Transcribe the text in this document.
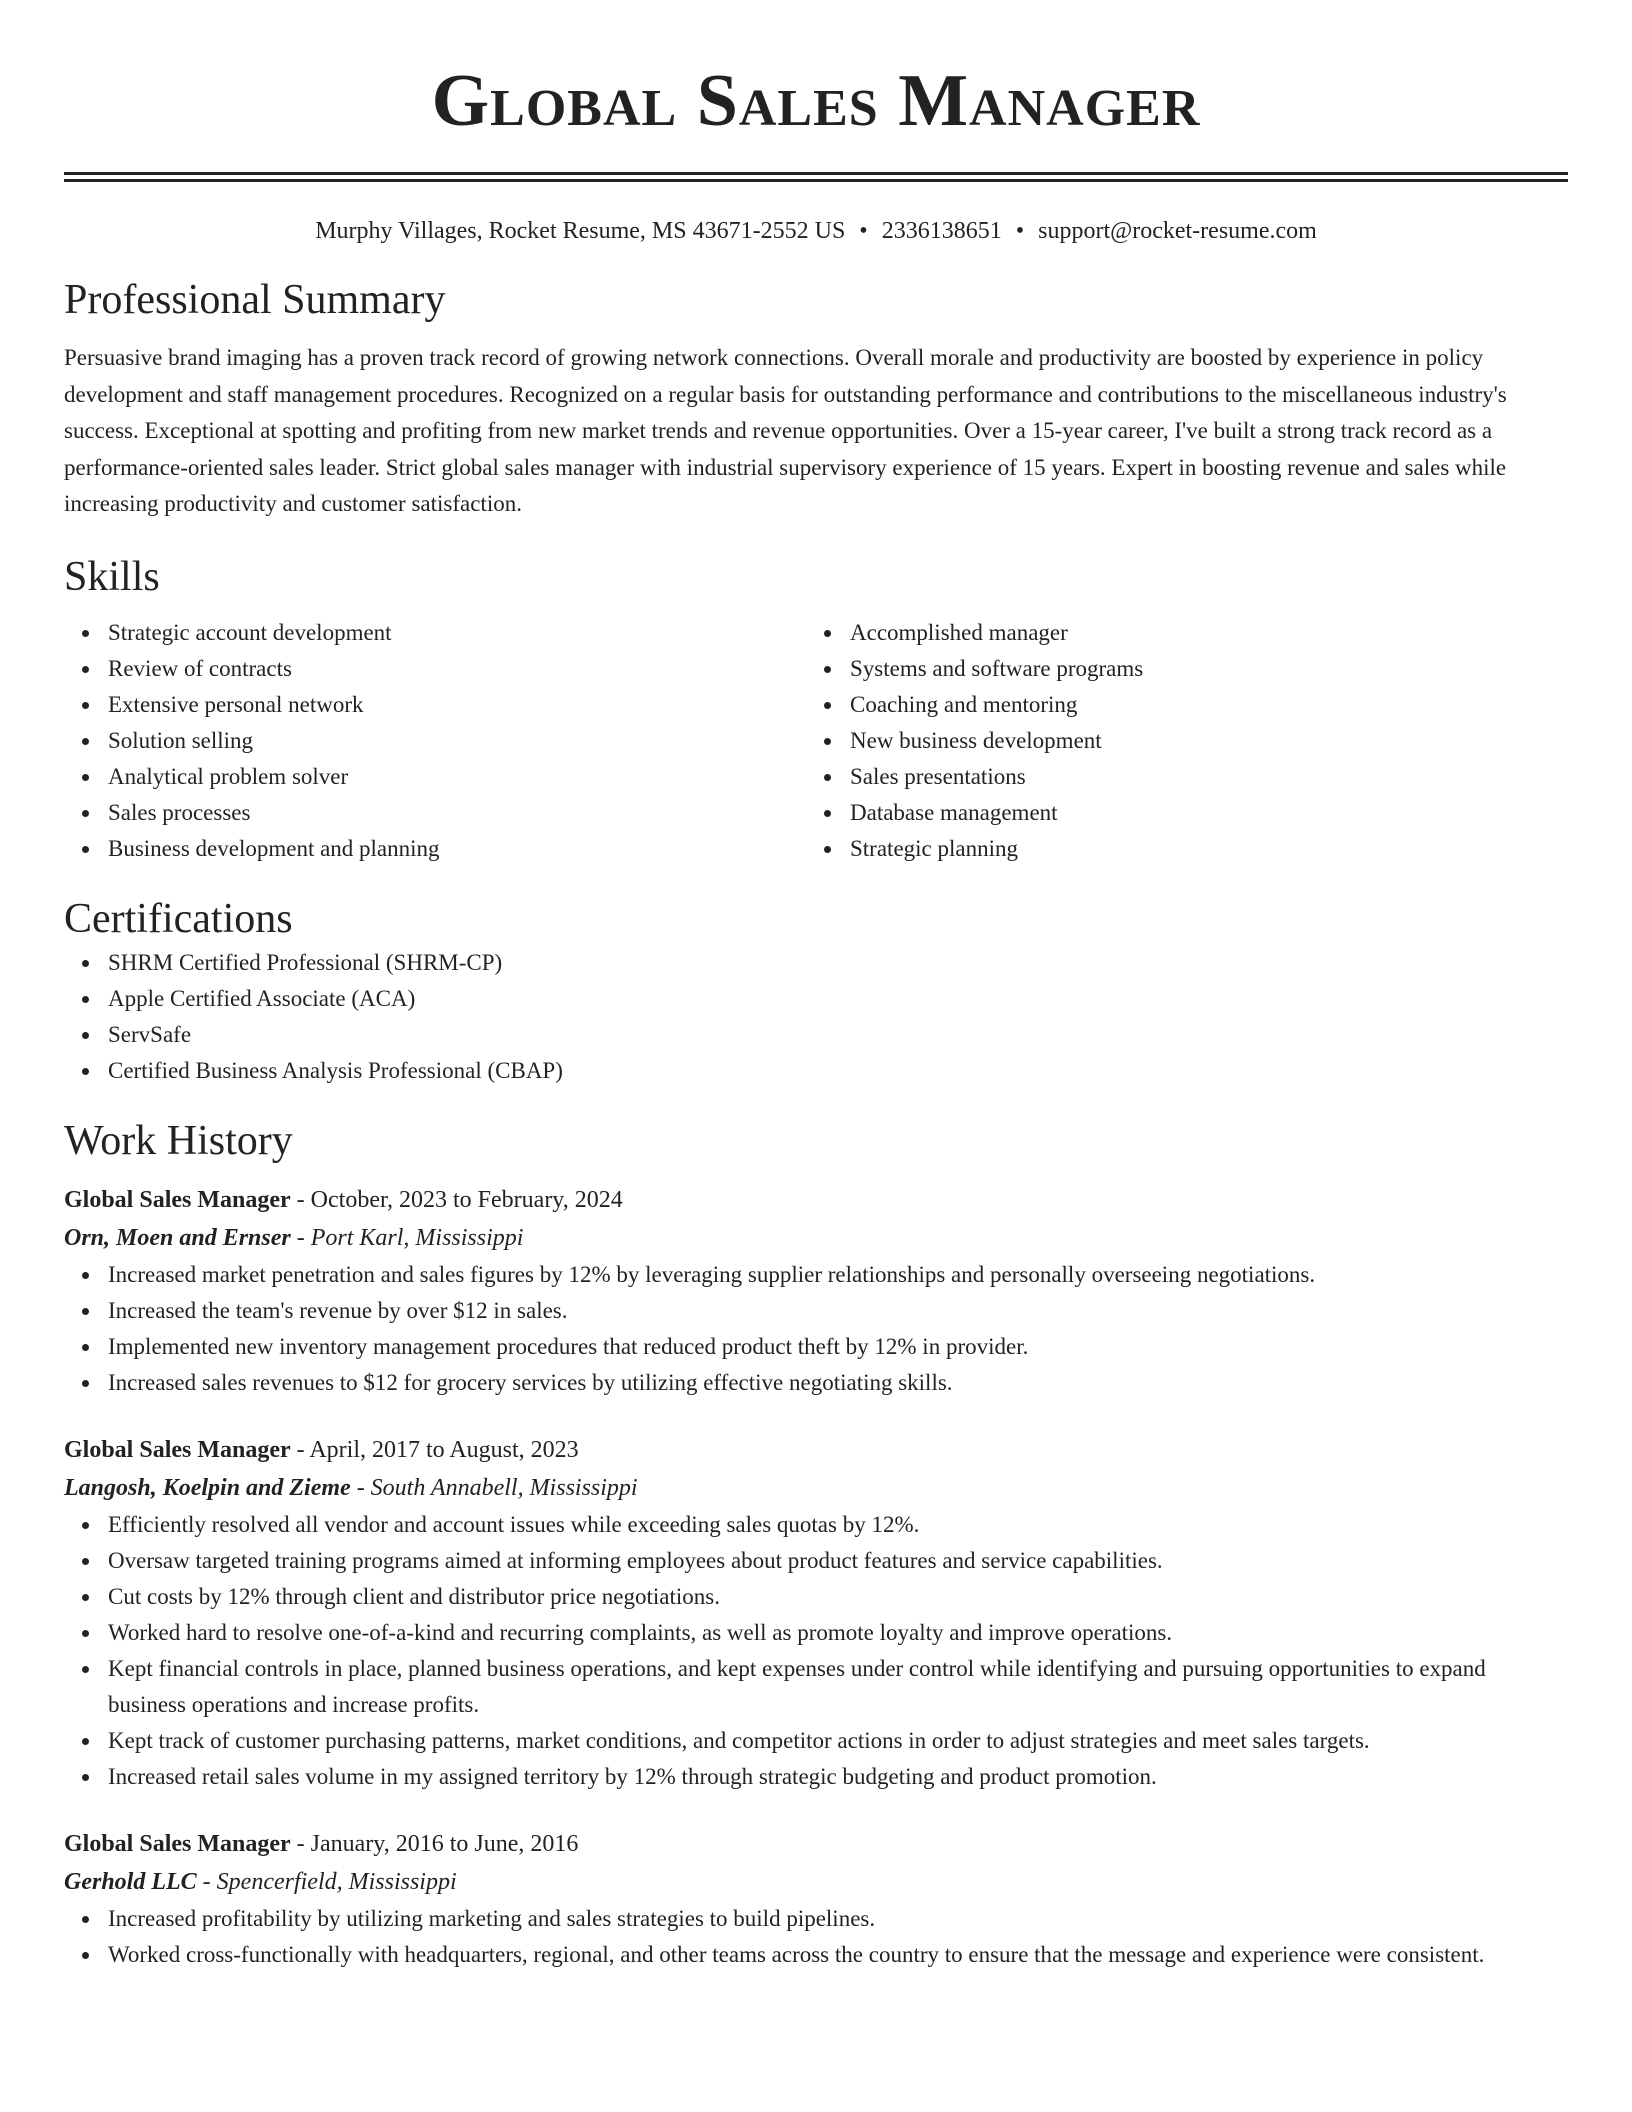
Global Sales Manager
Murphy Villages, Rocket Resume, MS 43671-2552 US • 2336138651 • support@rocket-resume.com
Professional Summary

Persuasive brand imaging has a proven track record of growing network connections. Overall morale and productivity are boosted by experience in policy development and staff management procedures. Recognized on a regular basis for outstanding performance and contributions to the miscellaneous industry's success. Exceptional at spotting and profiting from new market trends and revenue opportunities. Over a 15-year career, I've built a strong track record as a performance-oriented sales leader. Strict global sales manager with industrial supervisory experience of 15 years. Expert in boosting revenue and sales while increasing productivity and customer satisfaction.

Skills
Strategic account development
Review of contracts
Extensive personal network
Solution selling
Analytical problem solver
Sales processes
Business development and planning
Accomplished manager
Systems and software programs
Coaching and mentoring
New business development
Sales presentations
Database management
Strategic planning
Certifications
SHRM Certified Professional (SHRM-CP)
Apple Certified Associate (ACA)
ServSafe
Certified Business Analysis Professional (CBAP)
Work History
Global Sales Manager - October, 2023 to February, 2024
Orn, Moen and Ernser - Port Karl, Mississippi
Increased market penetration and sales figures by 12% by leveraging supplier relationships and personally overseeing negotiations.
Increased the team's revenue by over $12 in sales.
Implemented new inventory management procedures that reduced product theft by 12% in provider.
Increased sales revenues to $12 for grocery services by utilizing effective negotiating skills.
Global Sales Manager - April, 2017 to August, 2023
Langosh, Koelpin and Zieme - South Annabell, Mississippi
Efficiently resolved all vendor and account issues while exceeding sales quotas by 12%.
Oversaw targeted training programs aimed at informing employees about product features and service capabilities.
Cut costs by 12% through client and distributor price negotiations.
Worked hard to resolve one-of-a-kind and recurring complaints, as well as promote loyalty and improve operations.
Kept financial controls in place, planned business operations, and kept expenses under control while identifying and pursuing opportunities to expand business operations and increase profits.
Kept track of customer purchasing patterns, market conditions, and competitor actions in order to adjust strategies and meet sales targets.
Increased retail sales volume in my assigned territory by 12% through strategic budgeting and product promotion.
Global Sales Manager - January, 2016 to June, 2016
Gerhold LLC - Spencerfield, Mississippi
Increased profitability by utilizing marketing and sales strategies to build pipelines.
Worked cross-functionally with headquarters, regional, and other teams across the country to ensure that the message and experience were consistent.
